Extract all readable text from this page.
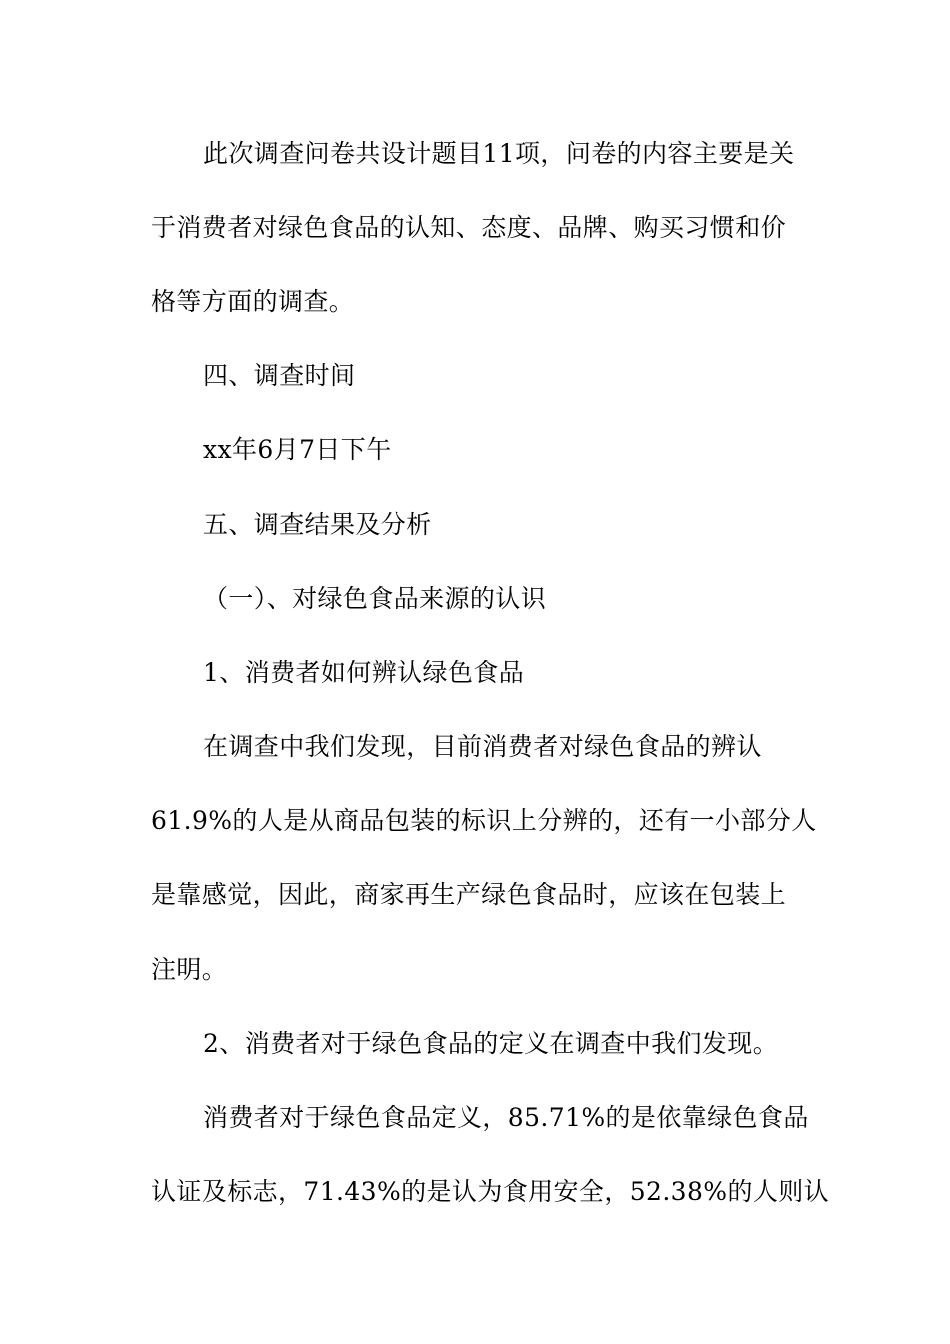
此次调查问卷共设计题目11项，问卷的内容主要是关
于消费者对绿色食品的认知、态度、品牌、购买习惯和价
格等方面的调查。
四、调查时间
xx年6月7日下午
五、调查结果及分析
（一）、对绿色食品来源的认识
1、消费者如何辨认绿色食品
在调查中我们发现，目前消费者对绿色食品的辨认
61.9%的人是从商品包装的标识上分辨的，还有一小部分人
是靠感觉，因此，商家再生产绿色食品时，应该在包装上
注明。
2、消费者对于绿色食品的定义在调查中我们发现。
消费者对于绿色食品定义，85.71%的是依靠绿色食品
认证及标志，71.43%的是认为食用安全，52.38%的人则认
